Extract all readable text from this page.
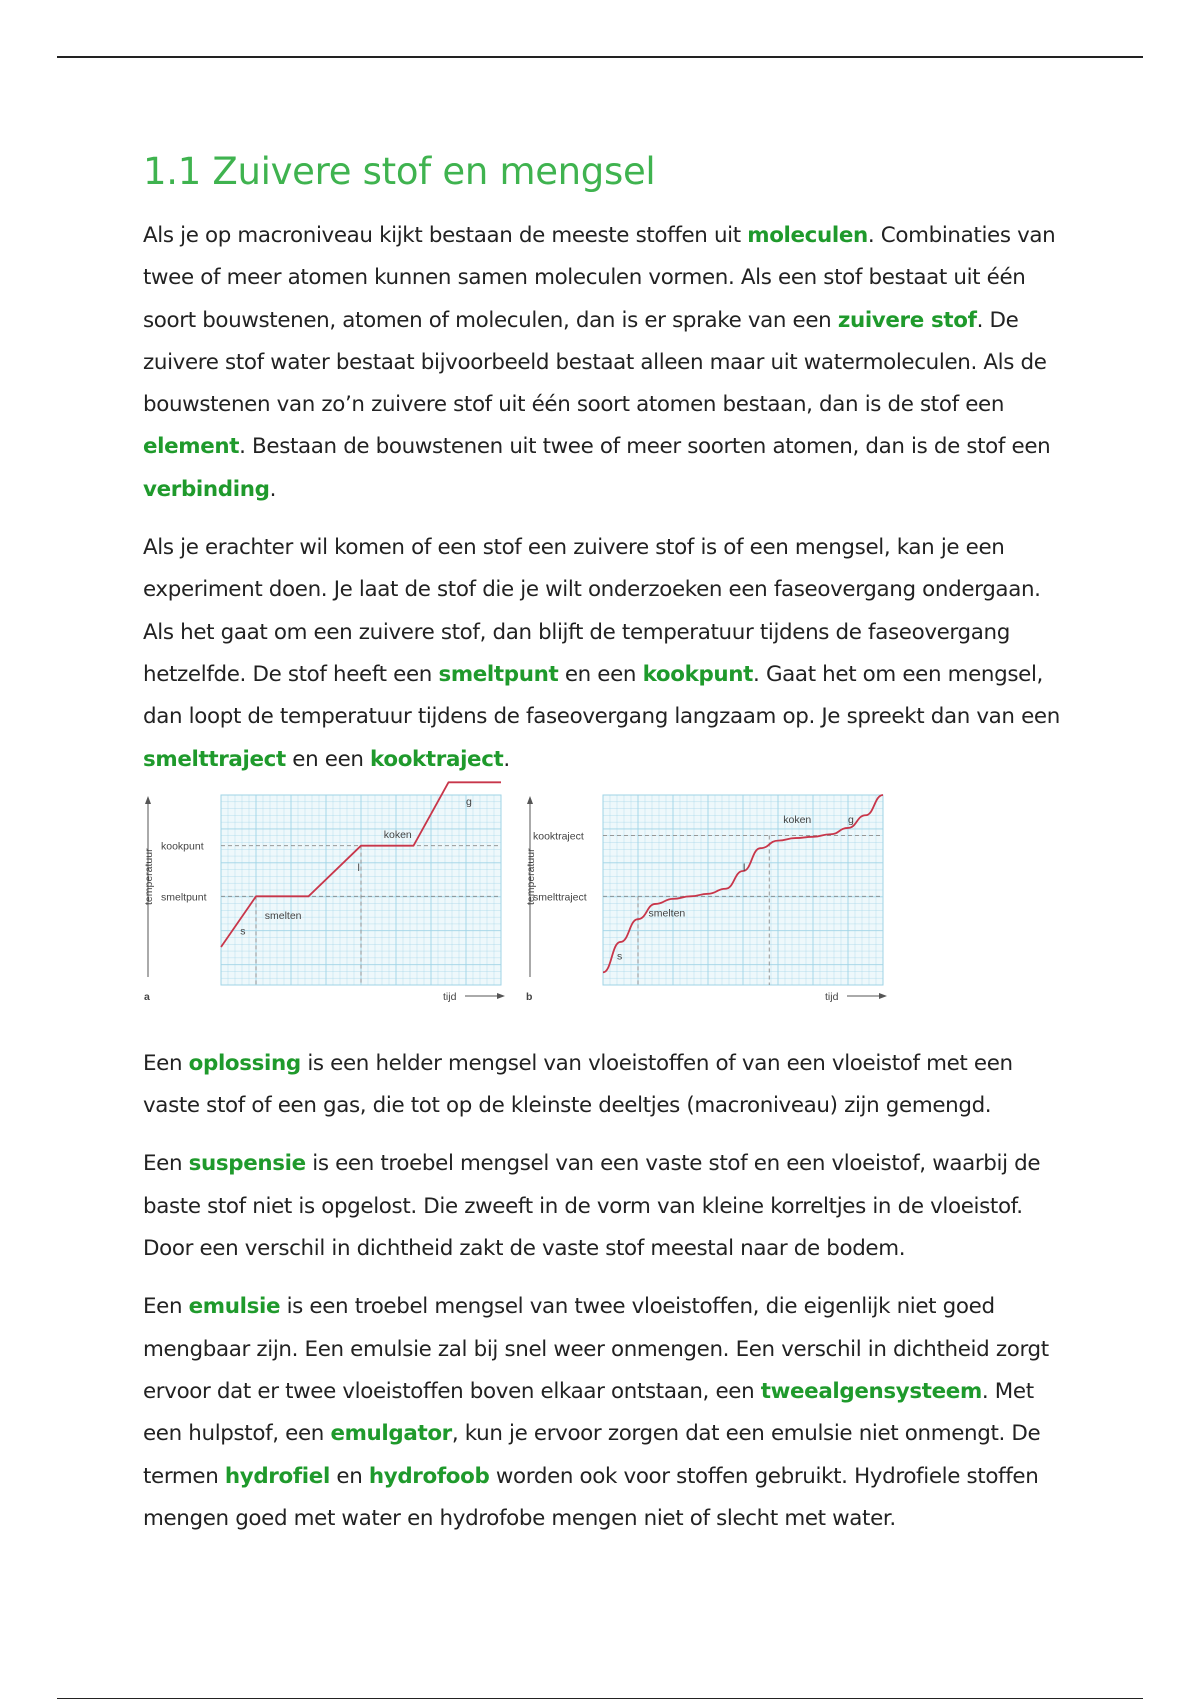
1.1 Zuivere stof en mengsel

Als je op macroniveau kijkt bestaan de meeste stoffen uit moleculen. Combinaties van twee of meer atomen kunnen samen moleculen vormen. Als een stof bestaat uit één soort bouwstenen, atomen of moleculen, dan is er sprake van een zuivere stof. De zuivere stof water bestaat bijvoorbeeld bestaat alleen maar uit watermoleculen. Als de bouwstenen van zo’n zuivere stof uit één soort atomen bestaan, dan is de stof een element. Bestaan de bouwstenen uit twee of meer soorten atomen, dan is de stof een verbinding.

Als je erachter wil komen of een stof een zuivere stof is of een mengsel, kan je een experiment doen. Je laat de stof die je wilt onderzoeken een faseovergang ondergaan. Als het gaat om een zuivere stof, dan blijft de temperatuur tijdens de faseovergang hetzelfde. De stof heeft een smeltpunt en een kookpunt. Gaat het om een mengsel, dan loopt de temperatuur tijdens de faseovergang langzaam op. Je spreekt dan van een smelttraject en een kooktraject.

temperatuur
tijd
a
kookpunt
smeltpunt
smelten
koken
s
l
g
temperatuur
tijd
b
kooktraject
smelttraject
smelten
koken
s
l
g

Een oplossing is een helder mengsel van vloeistoffen of van een vloeistof met een vaste stof of een gas, die tot op de kleinste deeltjes (macroniveau) zijn gemengd.

Een suspensie is een troebel mengsel van een vaste stof en een vloeistof, waarbij de baste stof niet is opgelost. Die zweeft in de vorm van kleine korreltjes in de vloeistof. Door een verschil in dichtheid zakt de vaste stof meestal naar de bodem.

Een emulsie is een troebel mengsel van twee vloeistoffen, die eigenlijk niet goed mengbaar zijn. Een emulsie zal bij snel weer onmengen. Een verschil in dichtheid zorgt ervoor dat er twee vloeistoffen boven elkaar ontstaan, een tweealgensysteem. Met een hulpstof, een emulgator, kun je ervoor zorgen dat een emulsie niet onmengt. De termen hydrofiel en hydrofoob worden ook voor stoffen gebruikt. Hydrofiele stoffen mengen goed met water en hydrofobe mengen niet of slecht met water.
